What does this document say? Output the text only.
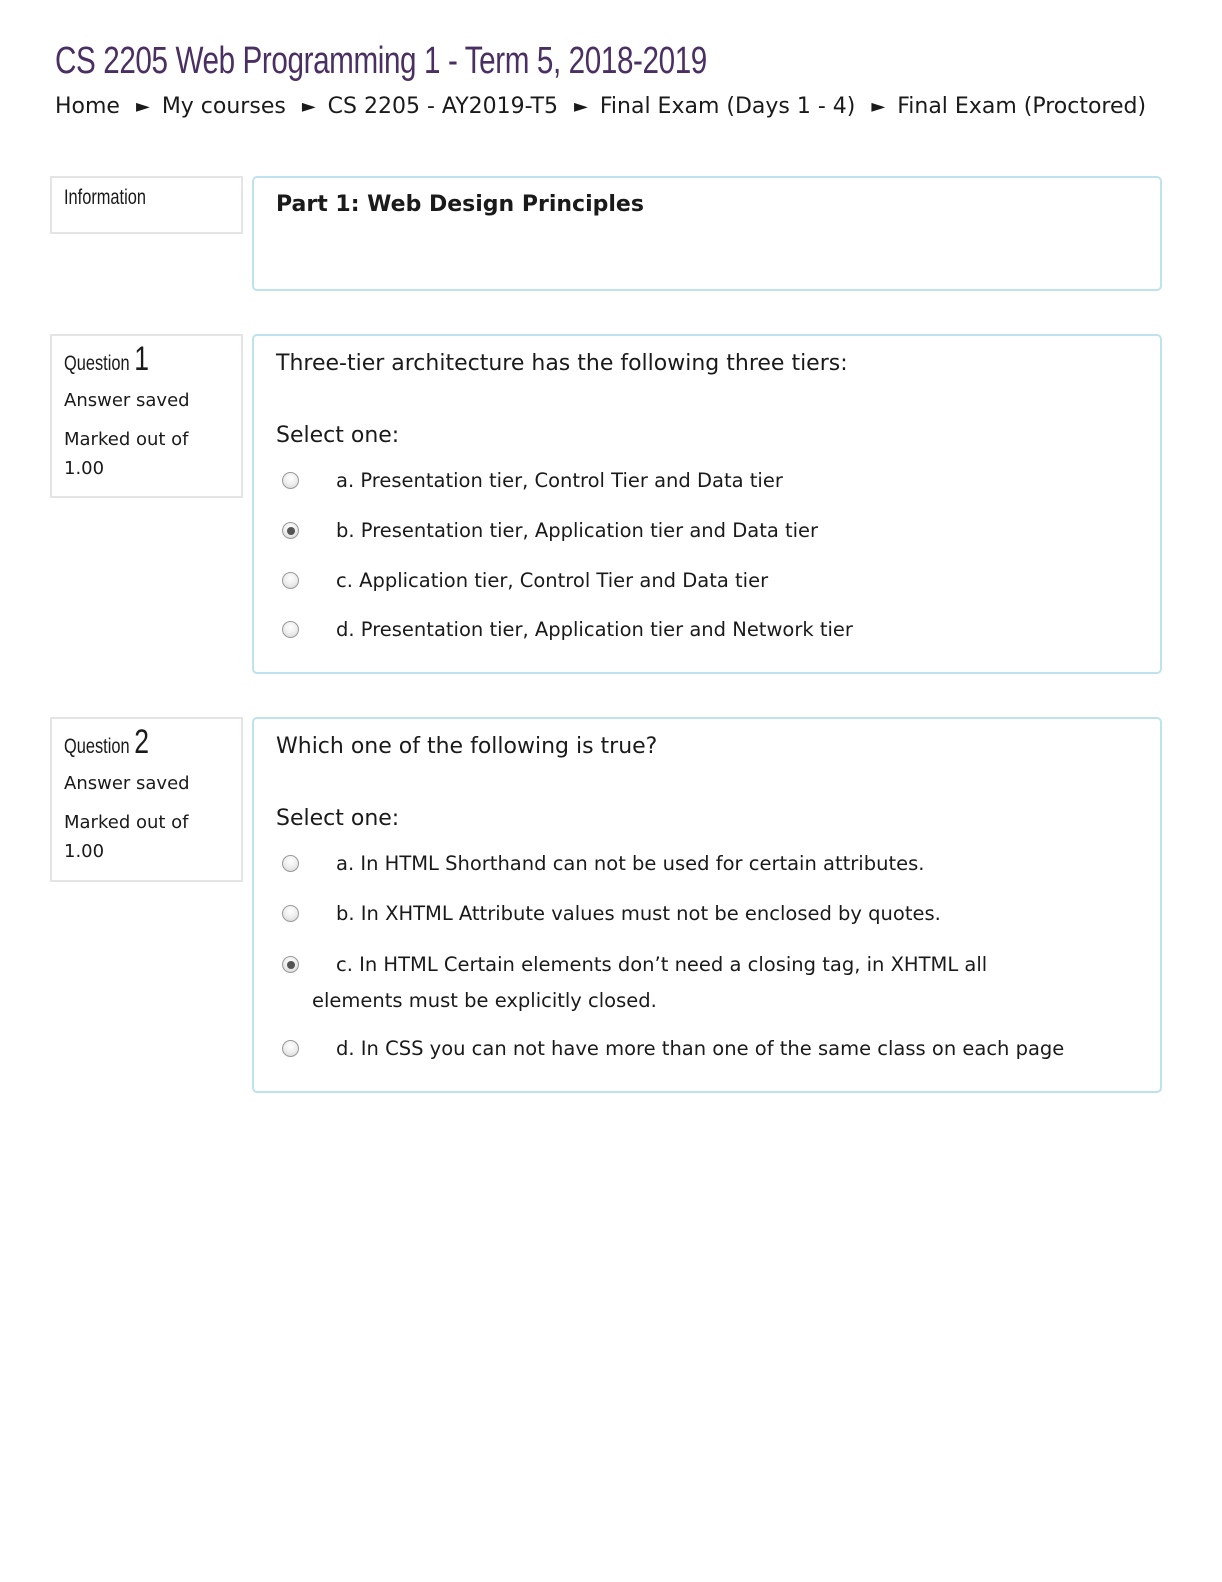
CS 2205 Web Programming 1 - Term 5, 2018-2019
Home ► My courses ► CS 2205 - AY2019-T5 ► Final Exam (Days 1 - 4) ► Final Exam (Proctored)
Information	Part 1: Web Design Principles
Question 1
Answer saved
Marked out of
1.00
Three-tier architecture has the following three tiers:
Select one:
a. Presentation tier, Control Tier and Data tier
b. Presentation tier, Application tier and Data tier
c. Application tier, Control Tier and Data tier
d. Presentation tier, Application tier and Network tier
Question 2
Answer saved
Marked out of
1.00
Which one of the following is true?
Select one:
a. In HTML Shorthand can not be used for certain attributes.
b. In XHTML Attribute values must not be enclosed by quotes.
c. In HTML Certain elements don’t need a closing tag, in XHTML all elements must be explicitly closed.
d. In CSS you can not have more than one of the same class on each page
